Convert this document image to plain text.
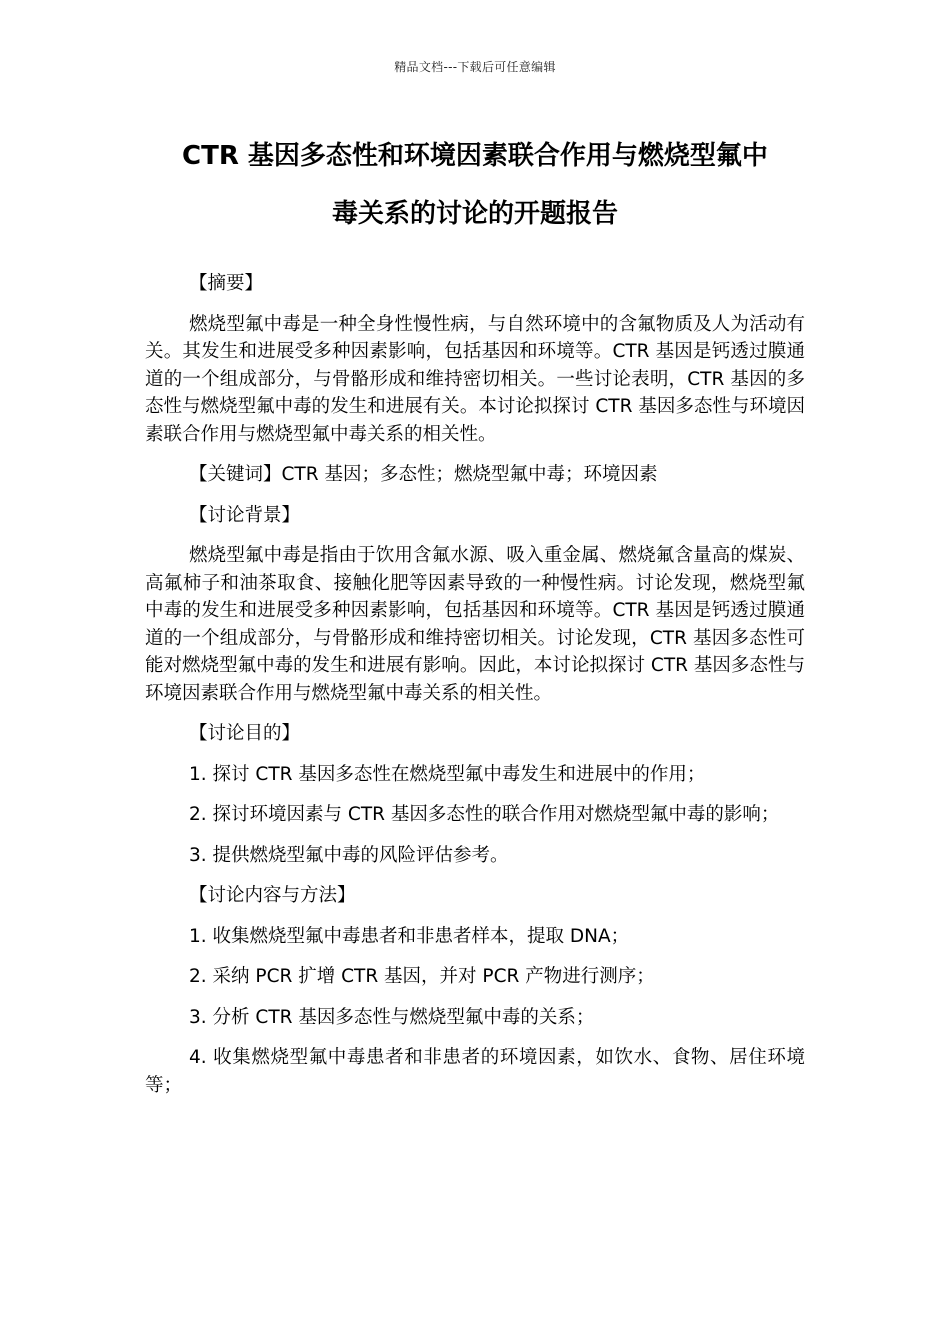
精品文档---下载后可任意编辑
CTR 基因多态性和环境因素联合作用与燃烧型氟中
毒关系的讨论的开题报告

【摘要】

燃烧型氟中毒是一种全身性慢性病，与自然环境中的含氟物质及人为活动有关。其发生和进展受多种因素影响，包括基因和环境等。CTR 基因是钙透过膜通道的一个组成部分，与骨骼形成和维持密切相关。一些讨论表明，CTR 基因的多态性与燃烧型氟中毒的发生和进展有关。本讨论拟探讨 CTR 基因多态性与环境因素联合作用与燃烧型氟中毒关系的相关性。

【关键词】CTR 基因；多态性；燃烧型氟中毒；环境因素

【讨论背景】

燃烧型氟中毒是指由于饮用含氟水源、吸入重金属、燃烧氟含量高的煤炭、高氟柿子和油茶取食、接触化肥等因素导致的一种慢性病。讨论发现，燃烧型氟中毒的发生和进展受多种因素影响，包括基因和环境等。CTR 基因是钙透过膜通道的一个组成部分，与骨骼形成和维持密切相关。讨论发现，CTR 基因多态性可能对燃烧型氟中毒的发生和进展有影响。因此，本讨论拟探讨 CTR 基因多态性与环境因素联合作用与燃烧型氟中毒关系的相关性。

【讨论目的】

1. 探讨 CTR 基因多态性在燃烧型氟中毒发生和进展中的作用；

2. 探讨环境因素与 CTR 基因多态性的联合作用对燃烧型氟中毒的影响；

3. 提供燃烧型氟中毒的风险评估参考。

【讨论内容与方法】

1. 收集燃烧型氟中毒患者和非患者样本，提取 DNA；

2. 采纳 PCR 扩增 CTR 基因，并对 PCR 产物进行测序；

3. 分析 CTR 基因多态性与燃烧型氟中毒的关系；

4. 收集燃烧型氟中毒患者和非患者的环境因素，如饮水、食物、居住环境等；
